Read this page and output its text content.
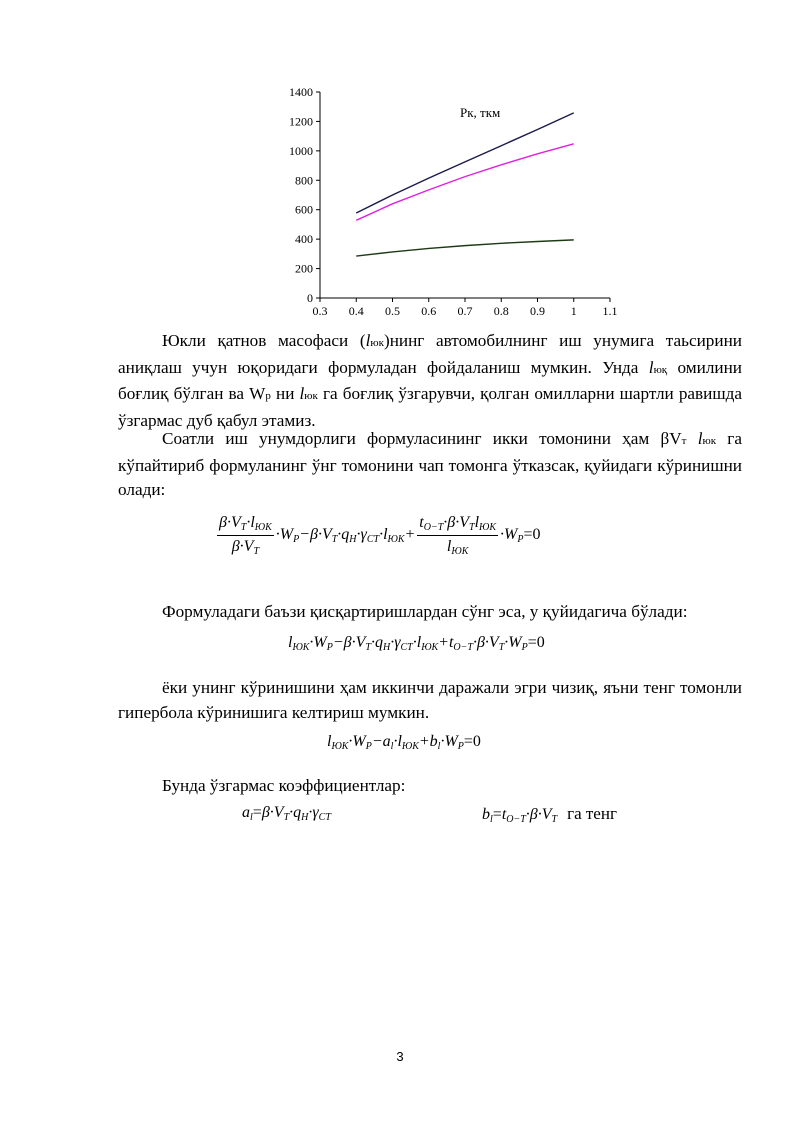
0
200
400
600
800
1000
1200
1400
0.3 0.4 0.5 0.6 0.7 0.8 0.9 1 1.1
Pк, ткм
Юкли қатнов масофаси (lюк)нинг автомобилнинг иш унумига таьсирини аниқлаш учун юқоридаги формуладан фойдаланиш мумкин. Унда lюқ омилини боғлиқ бўлган ва Wр ни lюк га боғлиқ ўзгарувчи, қолган омилларни шартли равишда ўзгармас дуб қабул этамиз.
Соатли иш унумдорлиги формуласининг икки томонини ҳам βVт lюк га кўпайтириб формуланинг ўнг томонини чап томонга ўтказсак, қуйидаги кўринишни олади:
$\frac{\beta\cdot V_T\cdot l_{ЮК}}{\beta\cdot V_T} \cdot W_P-\beta\cdot V_T\cdot q_H\cdot\gamma_{CT}\cdot l_{ЮК}+ \frac{t_{O-T}\cdot\beta\cdot V_Tl_{ЮК}}{l_{ЮК}} \cdot W_P=0$
Формуладаги баъзи қисқартиришлардан сўнг эса, у қуйидагича бўлади:
$l_{ЮК}\cdot W_P-\beta\cdot V_T\cdot q_H\cdot\gamma_{CT}\cdot l_{ЮК}+t_{O-T}\cdot\beta\cdot V_T\cdot W_P=0$
ёки унинг кўринишини ҳам иккинчи даражали эгри чизиқ, яъни тенг томонли гипербола кўринишига келтириш мумкин.
$l_{ЮК}\cdot W_P-a_l\cdot l_{ЮК}+b_l\cdot W_P=0$
Бунда ўзгармас коэффициентлар:
$a_l=\beta\cdot V_T\cdot q_H\cdot\gamma_{CT}$	$b_l=t_{O-T}\cdot\beta\cdot V_T$ га тенг
3
